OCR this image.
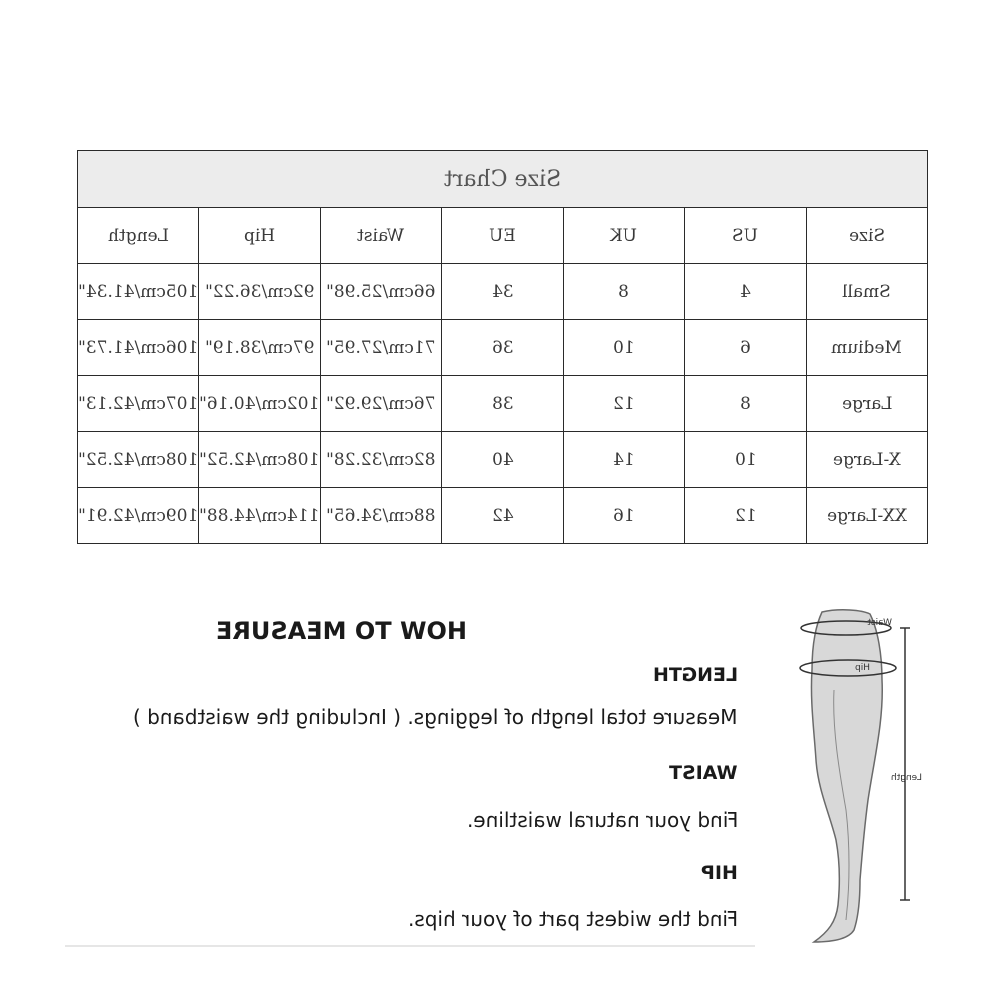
Size Chart						
Length	Hip	Waist	EU	UK	US	Size
105cm/41.34"	92cm/36.22"	66cm/25.98"	34	8	4	Small
106cm/41.73"	97cm/38.19"	71cm/27.95"	36	10	6	Medium
107cm/42.13"	102cm/40.16"	76cm/29.92"	38	12	8	Large
108cm/42.52"	108cm/42.52"	82cm/32.28"	40	14	10	X-Large
109cm/42.91"	114cm/44.88"	88cm/34.65"	42	16	12	XX-Large
HOW TO MEASURE
LENGTH
Measure total length of leggings. ( Including the waistband )
WAIST
Find your natural waistline.
HIP
Find the widest part of your hips.
Waist
Hip
Length
